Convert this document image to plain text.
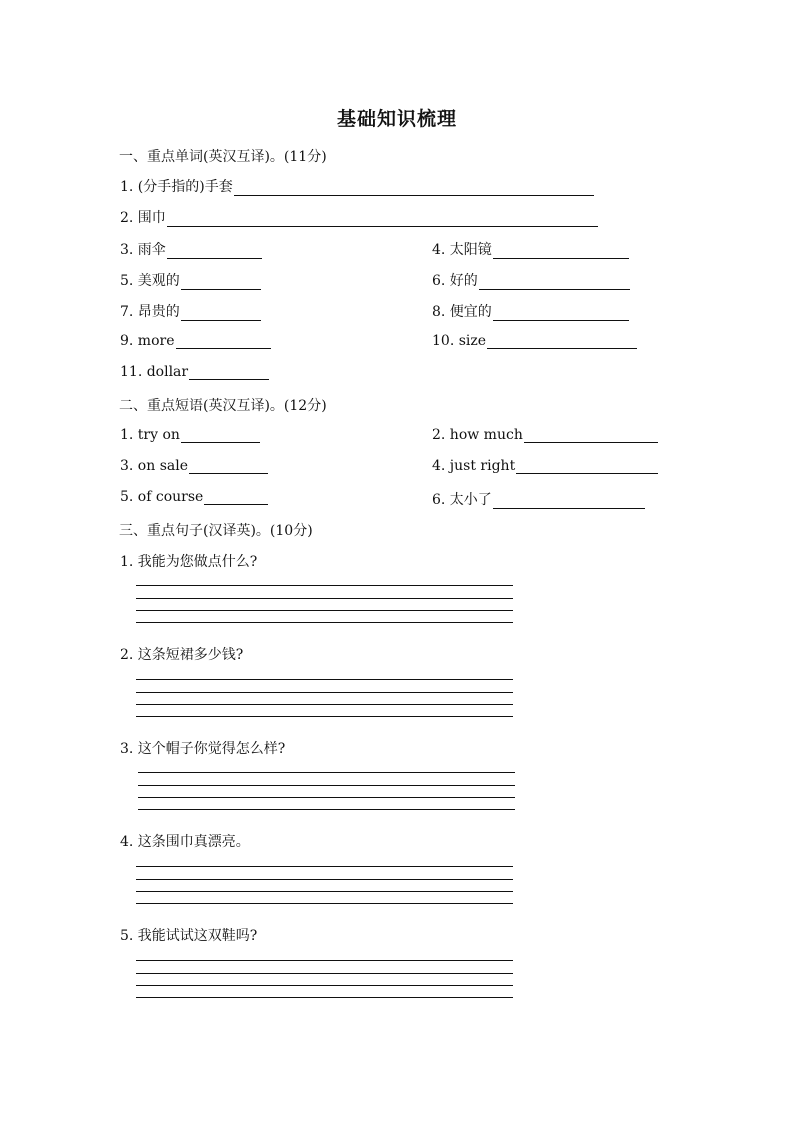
基础知识梳理
一、重点单词(英汉互译)。(11分)
1. (分手指的)手套
2. 围巾
3. 雨伞	4. 太阳镜
5. 美观的	6. 好的
7. 昂贵的	8. 便宜的
9. more	10. size
11. dollar
二、重点短语(英汉互译)。(12分)
1. try on	2. how much
3. on sale	4. just right
5. of course	6. 太小了
三、重点句子(汉译英)。(10分)
1. 我能为您做点什么?
2. 这条短裙多少钱?
3. 这个帽子你觉得怎么样?
4. 这条围巾真漂亮。
5. 我能试试这双鞋吗?
